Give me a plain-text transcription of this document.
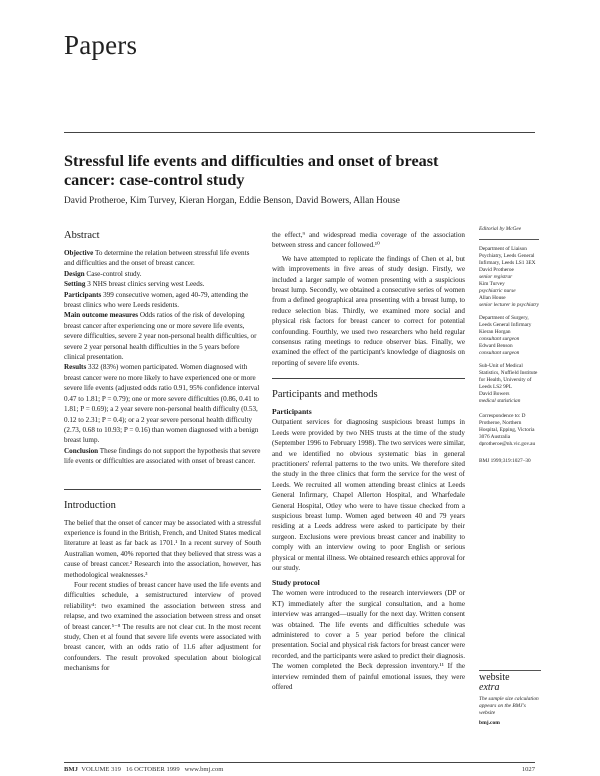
Papers
Stressful life events and difficulties and onset of breast cancer: case-control study
David Protheroe, Kim Turvey, Kieran Horgan, Eddie Benson, David Bowers, Allan House
Abstract

Objective To determine the relation between stressful life events and difficulties and the onset of breast cancer.

Design Case-control study.

Setting 3 NHS breast clinics serving west Leeds.

Participants 399 consecutive women, aged 40-79, attending the breast clinics who were Leeds residents.

Main outcome measures Odds ratios of the risk of developing breast cancer after experiencing one or more severe life events, severe difficulties, severe 2 year non-personal health difficulties, or severe 2 year personal health difficulties in the 5 years before clinical presentation.

Results 332 (83%) women participated. Women diagnosed with breast cancer were no more likely to have experienced one or more severe life events (adjusted odds ratio 0.91, 95% confidence interval 0.47 to 1.81; P = 0.79); one or more severe difficulties (0.86, 0.41 to 1.81; P = 0.69); a 2 year severe non-personal health difficulty (0.53, 0.12 to 2.31; P = 0.4); or a 2 year severe personal health difficulty (2.73, 0.68 to 10.93; P = 0.16) than women diagnosed with a benign breast lump.

Conclusion These findings do not support the hypothesis that severe life events or difficulties are associated with onset of breast cancer.

Introduction

The belief that the onset of cancer may be associated with a stressful experience is found in the British, French, and United States medical literature at least as far back as 1701.¹ In a recent survey of South Australian women, 40% reported that they believed that stress was a cause of breast cancer.² Research into the association, however, has methodological weaknesses.³

Four recent studies of breast cancer have used the life events and difficulties schedule, a semistructured interview of proved reliability⁴: two examined the association between stress and relapse, and two examined the association between stress and onset of breast cancer.⁵⁻⁸ The results are not clear cut. In the most recent study, Chen et al found that severe life events were associated with breast cancer, with an odds ratio of 11.6 after adjustment for confounders. The result provoked speculation about biological mechanisms for

the effect,⁹ and widespread media coverage of the association between stress and cancer followed.¹⁰

We have attempted to replicate the findings of Chen et al, but with improvements in five areas of study design. Firstly, we included a larger sample of women presenting with a suspicious breast lump. Secondly, we obtained a consecutive series of women from a defined geographical area presenting with a breast lump, to reduce selection bias. Thirdly, we examined more social and physical risk factors for breast cancer to correct for potential confounding. Fourthly, we used two researchers who held regular consensus rating meetings to reduce observer bias. Finally, we examined the effect of the participant's knowledge of diagnosis on reporting of severe life events.

Participants and methods
Participants

Outpatient services for diagnosing suspicious breast lumps in Leeds were provided by two NHS trusts at the time of the study (September 1996 to February 1998). The two services were similar, and we identified no obvious systematic bias in general practitioners' referral patterns to the two units. We therefore sited the study in the three clinics that form the service for the west of Leeds. We recruited all women attending breast clinics at Leeds General Infirmary, Chapel Allerton Hospital, and Wharfedale General Hospital, Otley who were to have tissue checked from a suspicious breast lump. Women aged between 40 and 79 years residing at a Leeds address were asked to participate by their surgeon. Exclusions were previous breast cancer and inability to comply with an interview owing to poor English or serious physical or mental illness. We obtained research ethics approval for our study.

Study protocol

The women were introduced to the research interviewers (DP or KT) immediately after the surgical consultation, and a home interview was arranged—usually for the next day. Written consent was obtained. The life events and difficulties schedule was administered to cover a 5 year period before the clinical presentation. Social and physical risk factors for breast cancer were recorded, and the participants were asked to predict their diagnosis. The women completed the Beck depression inventory.¹¹ If the interview reminded them of painful emotional issues, they were offered

Editorial by McGee
Department of Liaison Psychiatry, Leeds General Infirmary, Leeds LS1 3EX
David Protheroe
senior registrar
Kim Turvey
psychiatric nurse
Allan House
senior lecturer in psychiatry
Department of Surgery, Leeds General Infirmary
Kieran Horgan
consultant surgeon
Edward Benson
consultant surgeon
Sub-Unit of Medical Statistics, Nuffield Institute for Health, University of Leeds LS2 9PL
David Bowers
medical statistician
Correspondence to: D Protheroe, Northern Hospital, Epping, Victoria 3076 Australia dprotheroe@nh.vic.gov.au
BMJ 1999;319:1027–30
website
extra
The sample size calculation appears on the BMJ's website
bmj.com
BMJ VOLUME 319 16 OCTOBER 1999 www.bmj.com	1027
